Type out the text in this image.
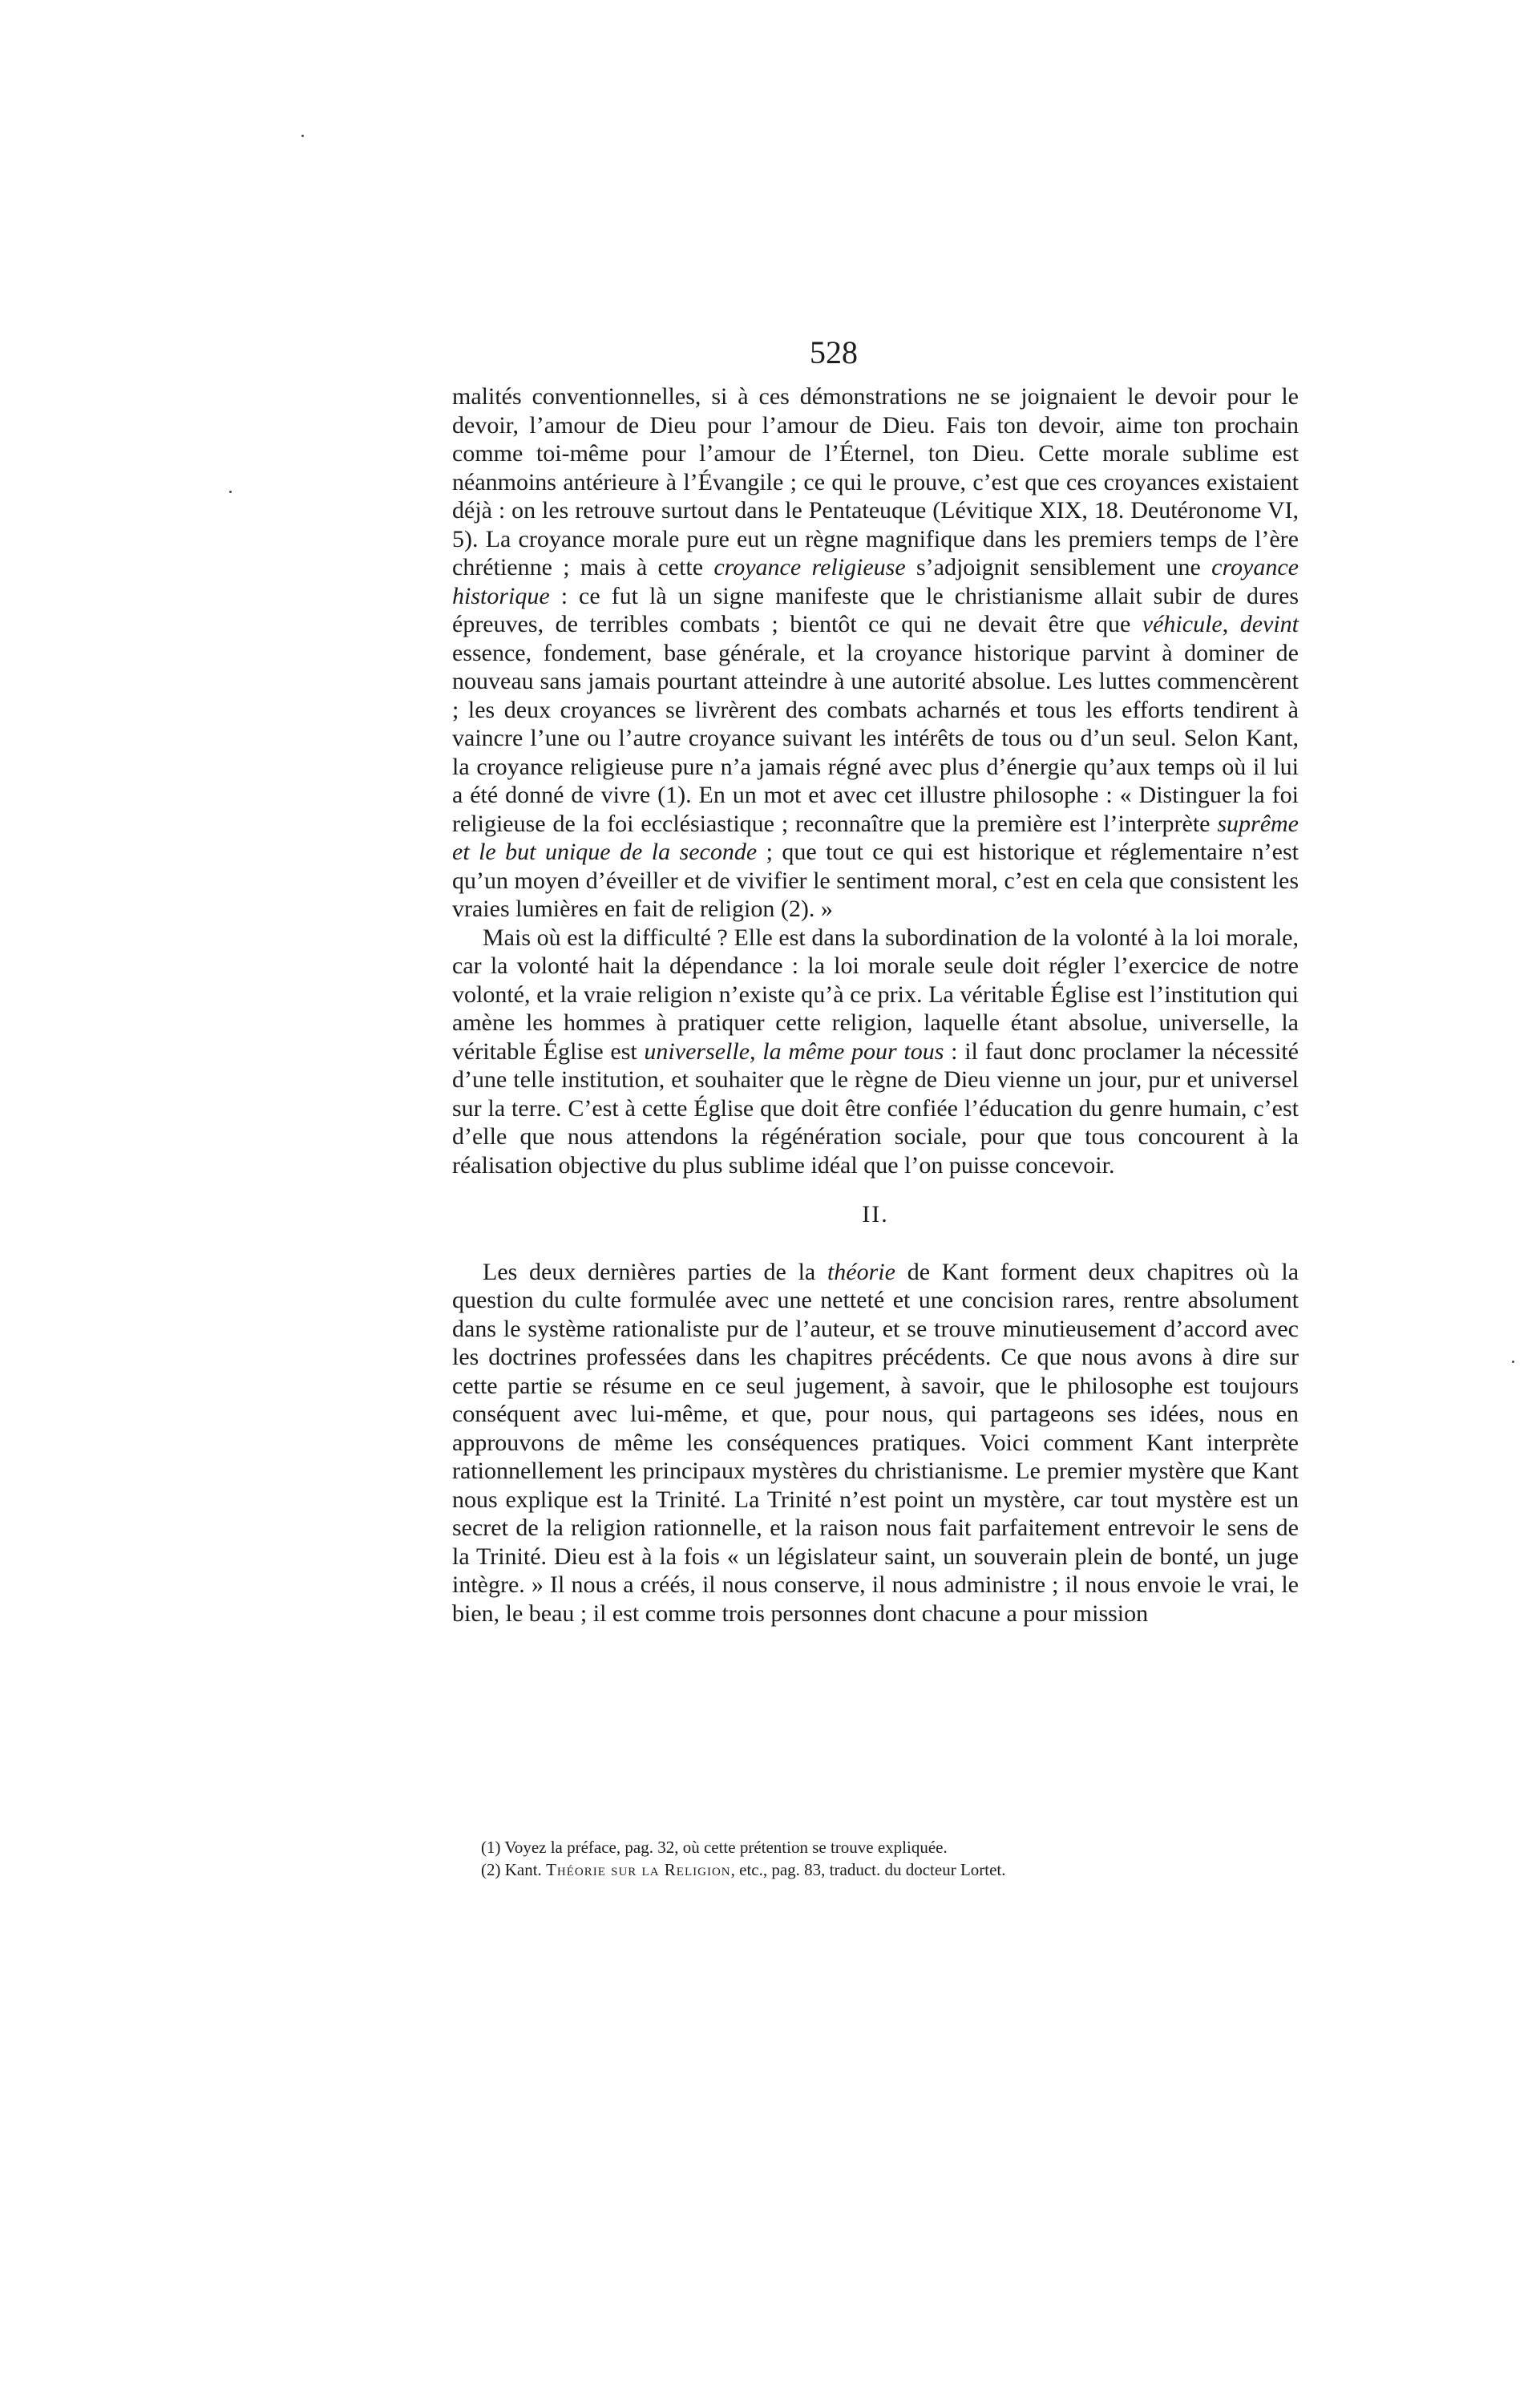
528

malités conventionnelles, si à ces démonstrations ne se joignaient le devoir pour le devoir, l’amour de Dieu pour l’amour de Dieu. Fais ton devoir, aime ton prochain comme toi-même pour l’amour de l’Éternel, ton Dieu. Cette morale sublime est néanmoins antérieure à l’Évangile ; ce qui le prouve, c’est que ces croyances existaient déjà : on les retrouve surtout dans le Pentateuque (Lévitique XIX, 18. Deutéronome VI, 5). La croyance morale pure eut un règne magnifique dans les premiers temps de l’ère chrétienne ; mais à cette croyance religieuse s’adjoignit sensiblement une croyance historique : ce fut là un signe manifeste que le christianisme allait subir de dures épreuves, de terribles combats ; bientôt ce qui ne devait être que véhicule, devint essence, fondement, base générale, et la croyance historique parvint à dominer de nouveau sans jamais pourtant atteindre à une autorité absolue. Les luttes commencèrent ; les deux croyances se livrèrent des combats acharnés et tous les efforts tendirent à vaincre l’une ou l’autre croyance suivant les intérêts de tous ou d’un seul. Selon Kant, la croyance religieuse pure n’a jamais régné avec plus d’énergie qu’aux temps où il lui a été donné de vivre (1). En un mot et avec cet illustre philosophe : « Distinguer la foi religieuse de la foi ecclésiastique ; reconnaître que la première est l’interprète suprême et le but unique de la seconde ; que tout ce qui est historique et réglementaire n’est qu’un moyen d’éveiller et de vivifier le sentiment moral, c’est en cela que consistent les vraies lumières en fait de religion (2). »

Mais où est la difficulté ? Elle est dans la subordination de la volonté à la loi morale, car la volonté hait la dépendance : la loi morale seule doit régler l’exercice de notre volonté, et la vraie religion n’existe qu’à ce prix. La véritable Église est l’institution qui amène les hommes à pratiquer cette religion, laquelle étant absolue, universelle, la véritable Église est universelle, la même pour tous : il faut donc proclamer la nécessité d’une telle institution, et souhaiter que le règne de Dieu vienne un jour, pur et universel sur la terre. C’est à cette Église que doit être confiée l’éducation du genre humain, c’est d’elle que nous attendons la régénération sociale, pour que tous concourent à la réalisation objective du plus sublime idéal que l’on puisse concevoir.

II.

Les deux dernières parties de la théorie de Kant forment deux chapitres où la question du culte formulée avec une netteté et une concision rares, rentre absolument dans le système rationaliste pur de l’auteur, et se trouve minutieusement d’accord avec les doctrines professées dans les chapitres précédents. Ce que nous avons à dire sur cette partie se résume en ce seul jugement, à savoir, que le philosophe est toujours conséquent avec lui-même, et que, pour nous, qui partageons ses idées, nous en approuvons de même les conséquences pratiques. Voici comment Kant interprète rationnellement les principaux mystères du christianisme. Le premier mystère que Kant nous explique est la Trinité. La Trinité n’est point un mystère, car tout mystère est un secret de la religion rationnelle, et la raison nous fait parfaitement entrevoir le sens de la Trinité. Dieu est à la fois « un législateur saint, un souverain plein de bonté, un juge intègre. » Il nous a créés, il nous conserve, il nous administre ; il nous envoie le vrai, le bien, le beau ; il est comme trois personnes dont chacune a pour mission

(1) Voyez la préface, pag. 32, où cette prétention se trouve expliquée.

(2) Kant. Théorie sur la Religion, etc., pag. 83, traduct. du docteur Lortet.
